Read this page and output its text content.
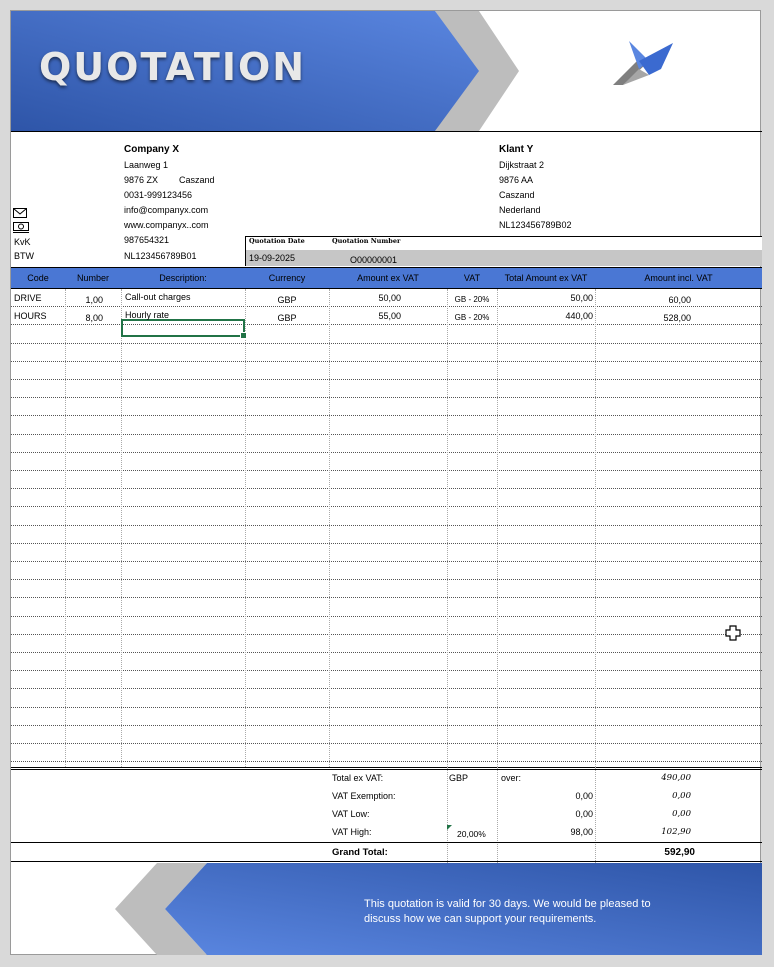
QUOTATION
Company X
Laanweg 1
9876 ZX Caszand
0031-999123456
info@companyx.com
www.companyx..com
987654321
NL123456789B01
KvK
BTW
Klant Y
Dijkstraat 2
9876 AA
Caszand
Nederland
NL123456789B02
Quotation Date	Quotation Number
19-09-2025	O00000001
Code	Number	Description:	Currency	Amount ex VAT	VAT	Total Amount ex VAT	Amount incl. VAT
DRIVE	1,00 Call-out charges	GBP	50,00	GB - 20%	50,00	60,00
HOURS	8,00 Hourly rate	GBP	55,00	GB - 20%	440,00	528,00
Total ex VAT:	GBP	over:	490,00
VAT Exemption:	0,00	0,00
VAT Low:	0,00	0,00
VAT High:	20,00%	98,00	102,90
Grand Total:	592,90
This quotation is valid for 30 days. We would be pleased to
discuss how we can support your requirements.
